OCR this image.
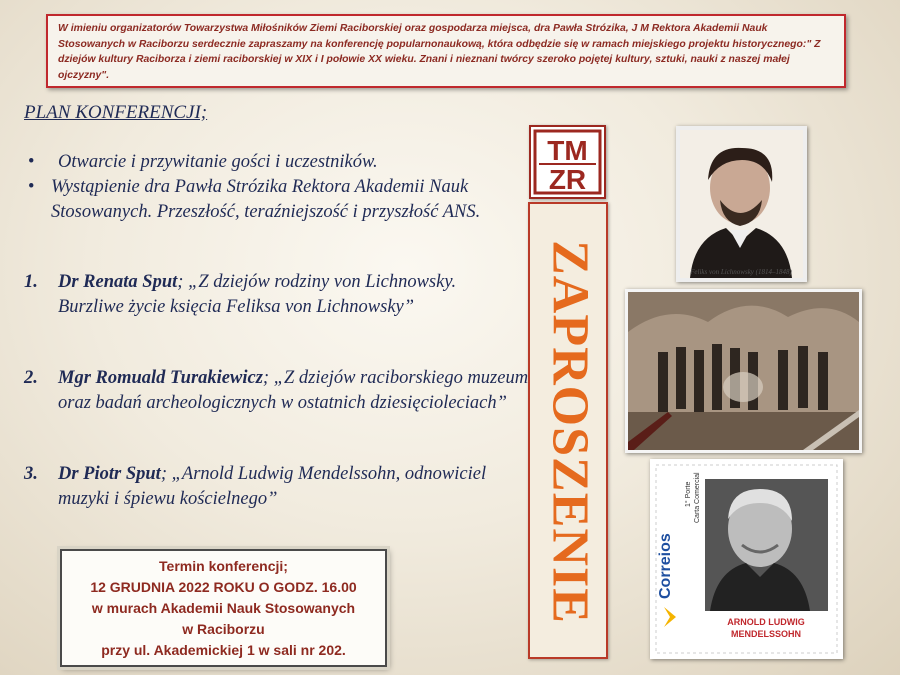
W imieniu organizatorów Towarzystwa Miłośników Ziemi Raciborskiej oraz gospodarza miejsca, dra Pawła Strózika, J M Rektora Akademii Nauk Stosowanych w Raciborzu serdecznie zapraszamy na konferencję popularnonaukową, która odbędzie się w ramach miejskiego projektu historycznego:" Z dziejów kultury Raciborza i ziemi raciborskiej w XIX i I połowie XX wieku. Znani i nieznani twórcy szeroko pojętej kultury, sztuki, nauki z naszej małej ojczyzny".
PLAN KONFERENCJI;
•	Otwarcie i przywitanie gości i uczestników.
• Wystąpienie dra Pawła Strózika Rektora Akademii Nauk Stosowanych. Przeszłość, teraźniejszość i przyszłość ANS.
1.	Dr Renata Sput; „Z dziejów rodziny von Lichnowsky. Burzliwe życie księcia Feliksa von Lichnowsky”
2.	Mgr Romuald Turakiewicz; „Z dziejów raciborskiego muzeum oraz badań archeologicznych w ostatnich dziesięcioleciach”
3.	Dr Piotr Sput; „Arnold Ludwig Mendelssohn, odnowiciel muzyki i śpiewu kościelnego”
Termin konferencji;
12 GRUDNIA 2022 ROKU O GODZ. 16.00
w murach Akademii Nauk Stosowanych
w Raciborzu
przy ul. Akademickiej 1 w sali nr 202.
TM
ZR
ZAPROSZENIE	Feliks von Lichnowsky (1814–1848)
Correios
1° Porte Carta Comercial
ARNOLD LUDWIG
MENDELSSOHN
